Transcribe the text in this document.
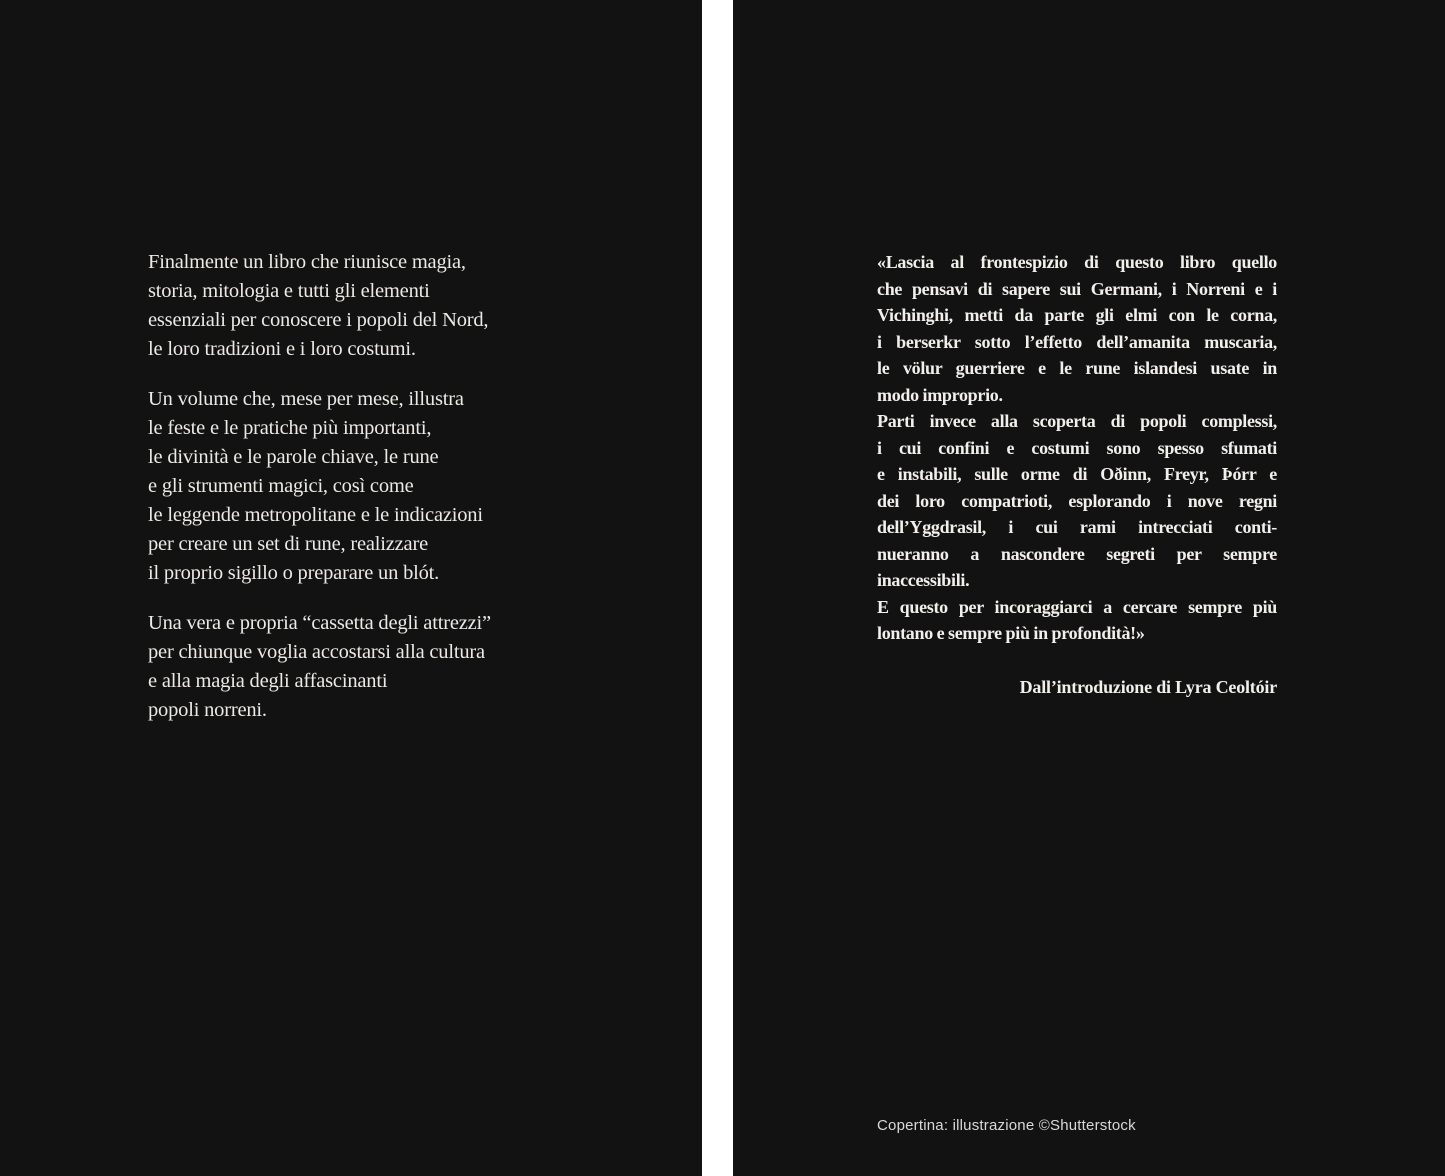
Finalmente un libro che riunisce magia,

storia, mitologia e tutti gli elementi

essenziali per conoscere i popoli del Nord,

le loro tradizioni e i loro costumi.

Un volume che, mese per mese, illustra

le feste e le pratiche più importanti,

le divinità e le parole chiave, le rune

e gli strumenti magici, così come

le leggende metropolitane e le indicazioni

per creare un set di rune, realizzare

il proprio sigillo o preparare un blót.

Una vera e propria “cassetta degli attrezzi”

per chiunque voglia accostarsi alla cultura

e alla magia degli affascinanti

popoli norreni.

«Lascia al frontespizio di questo libro quello

che pensavi di sapere sui Germani, i Norreni e i

Vichinghi, metti da parte gli elmi con le corna,

i berserkr sotto l’effetto dell’amanita muscaria,

le völur guerriere e le rune islandesi usate in

modo improprio.

Parti invece alla scoperta di popoli complessi,

i cui confini e costumi sono spesso sfumati

e instabili, sulle orme di Oðinn, Freyr, Þórr e

dei loro compatrioti, esplorando i nove regni

dell’Yggdrasil, i cui rami intrecciati conti-

nueranno a nascondere segreti per sempre

inaccessibili.

E questo per incoraggiarci a cercare sempre più

lontano e sempre più in profondità!»

Dall’introduzione di Lyra Ceoltóir

Copertina: illustrazione ©Shutterstock
